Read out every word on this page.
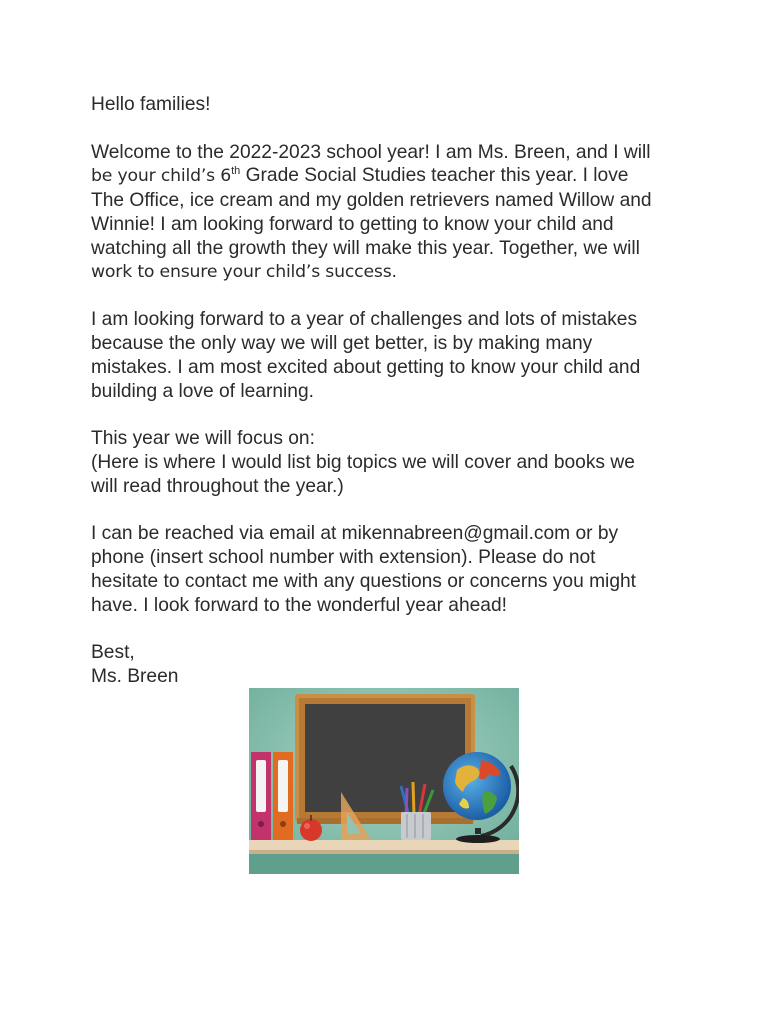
Hello families!

Welcome to the 2022-2023 school year! I am Ms. Breen, and I will
be your child’s 6th Grade Social Studies teacher this year. I love
The Office, ice cream and my golden retrievers named Willow and
Winnie! I am looking forward to getting to know your child and
watching all the growth they will make this year. Together, we will
work to ensure your child’s success.

I am looking forward to a year of challenges and lots of mistakes
because the only way we will get better, is by making many
mistakes. I am most excited about getting to know your child and
building a love of learning.

This year we will focus on:
(Here is where I would list big topics we will cover and books we
will read throughout the year.)

I can be reached via email at mikennabreen@gmail.com or by
phone (insert school number with extension). Please do not
hesitate to contact me with any questions or concerns you might
have. I look forward to the wonderful year ahead!

Best,
Ms. Breen
